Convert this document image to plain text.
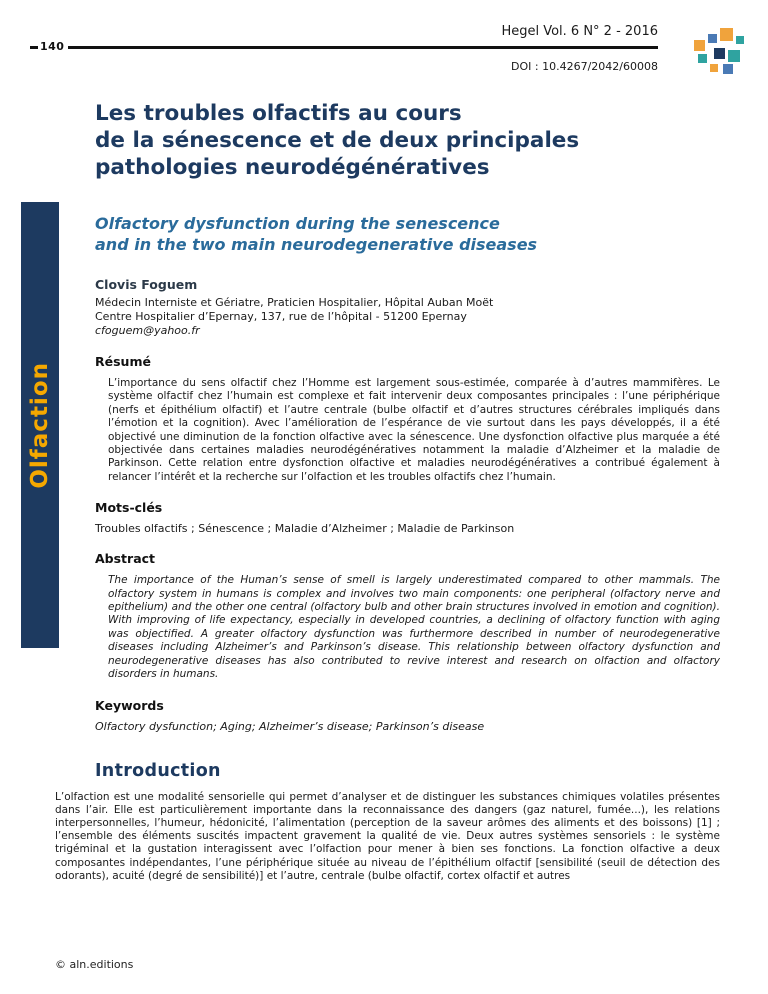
Hegel Vol. 6 N° 2 - 2016
140
DOI : 10.4267/2042/60008
Olfaction
Les troubles olfactifs au cours
de la sénescence et de deux principales
pathologies neurodégénératives
Olfactory dysfunction during the senescence
and in the two main neurodegenerative diseases
Clovis Foguem
Médecin Interniste et Gériatre, Praticien Hospitalier, Hôpital Auban Moët
Centre Hospitalier d’Epernay, 137, rue de l’hôpital - 51200 Epernay
cfoguem@yahoo.fr
Résumé

L’importance du sens olfactif chez l’Homme est largement sous-estimée, comparée à d’autres mammifères. Le système olfactif chez l’humain est complexe et fait intervenir deux composantes principales : l’une périphérique (nerfs et épithélium olfactif) et l’autre centrale (bulbe olfactif et d’autres structures cérébrales impliqués dans l’émotion et la cognition). Avec l’amélioration de l’espérance de vie surtout dans les pays développés, il a été objectivé une diminution de la fonction olfactive avec la sénescence. Une dysfonction olfactive plus marquée a été objectivée dans certaines maladies neurodégénératives notamment la maladie d’Alzheimer et la maladie de Parkinson. Cette relation entre dysfonction olfactive et maladies neurodégénératives a contribué également à relancer l’intérêt et la recherche sur l’olfaction et les troubles olfactifs chez l’humain.

Mots-clés

Troubles olfactifs ; Sénescence ; Maladie d’Alzheimer ; Maladie de Parkinson

Abstract

The importance of the Human’s sense of smell is largely underestimated compared to other mammals. The olfactory system in humans is complex and involves two main components: one peripheral (olfactory nerve and epithelium) and the other one central (olfactory bulb and other brain structures involved in emotion and cognition). With improving of life expectancy, especially in developed countries, a declining of olfactory function with aging was objectified. A greater olfactory dysfunction was furthermore described in number of neurodegenerative diseases including Alzheimer’s and Parkinson’s disease. This relationship between olfactory dysfunction and neurodegenerative diseases has also contributed to revive interest and research on olfaction and olfactory disorders in humans.

Keywords

Olfactory dysfunction; Aging; Alzheimer’s disease; Parkinson’s disease

Introduction

L’olfaction est une modalité sensorielle qui permet d’analyser et de distinguer les substances chimiques volatiles présentes dans l’air. Elle est particulièrement importante dans la reconnaissance des dangers (gaz naturel, fumée...), les relations interpersonnelles, l’humeur, hédonicité, l’alimentation (perception de la saveur arômes des aliments et des boissons) [1] ; l’ensemble des éléments suscités impactent gravement la qualité de vie. Deux autres systèmes sensoriels : le système trigéminal et la gustation interagissent avec l’olfaction pour mener à bien ses fonctions. La fonction olfactive a deux composantes indépendantes, l’une périphérique située au niveau de l’épithélium olfactif [sensibilité (seuil de détection des odorants), acuité (degré de sensibilité)] et l’autre, centrale (bulbe olfactif, cortex olfactif et autres

© aln.editions
